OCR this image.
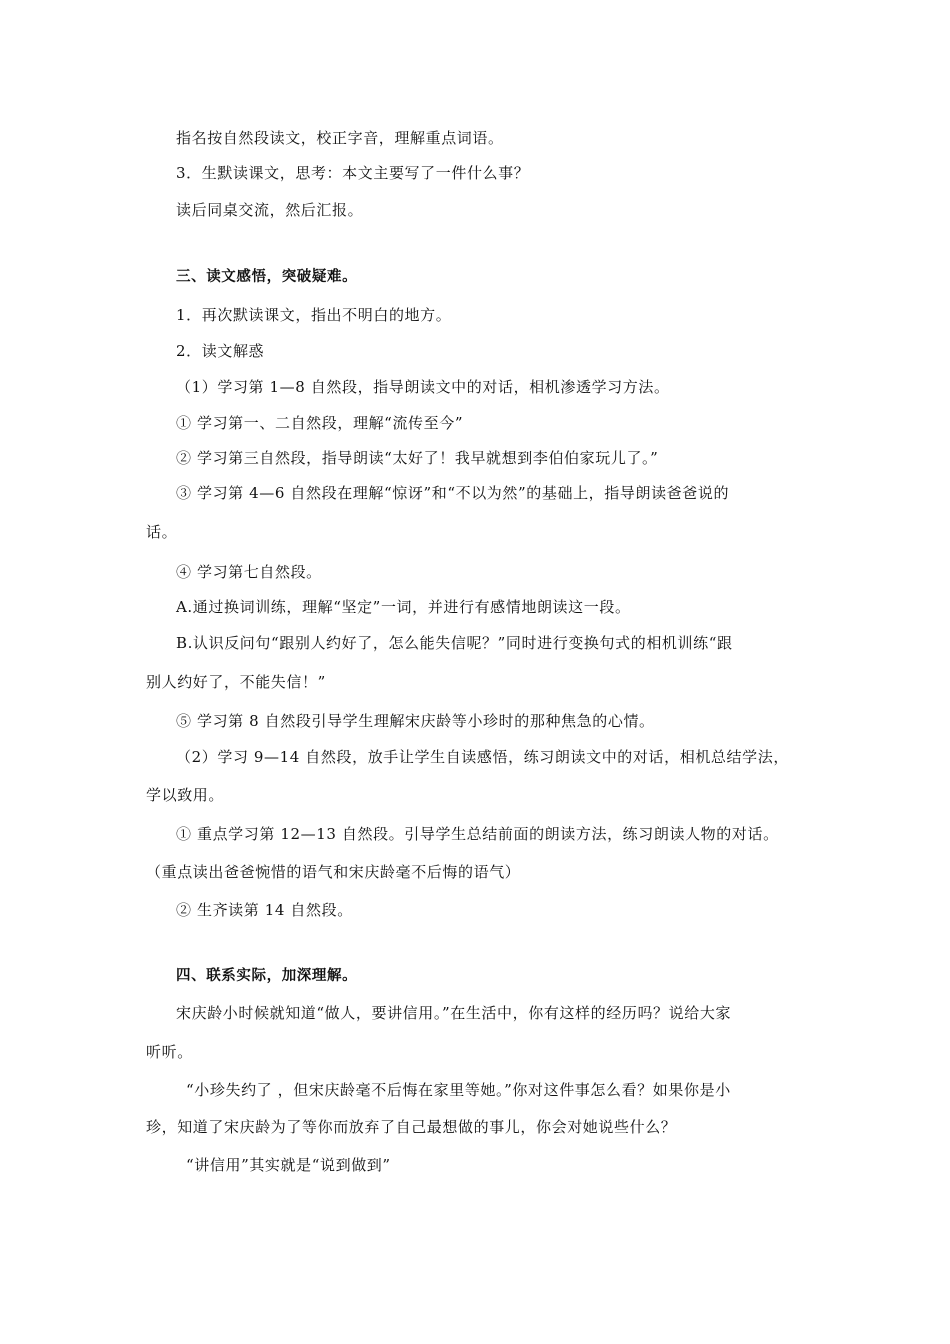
指名按自然段读文，校正字音，理解重点词语。
3．生默读课文，思考：本文主要写了一件什么事？
读后同桌交流，然后汇报。
三、读文感悟，突破疑难。
1．再次默读课文，指出不明白的地方。
2．读文解惑
（1）学习第 1—8 自然段，指导朗读文中的对话，相机渗透学习方法。
① 学习第一、二自然段，理解“流传至今”
② 学习第三自然段，指导朗读“太好了！我早就想到李伯伯家玩儿了。”
③ 学习第 4—6 自然段在理解“惊讶”和“不以为然”的基础上，指导朗读爸爸说的
话。
④ 学习第七自然段。
A.通过换词训练，理解“坚定”一词，并进行有感情地朗读这一段。
B.认识反问句“跟别人约好了，怎么能失信呢？”同时进行变换句式的相机训练“跟
别人约好了，不能失信！”
⑤ 学习第 8 自然段引导学生理解宋庆龄等小珍时的那种焦急的心情。
（2）学习 9—14 自然段，放手让学生自读感悟，练习朗读文中的对话，相机总结学法，
学以致用。
① 重点学习第 12—13 自然段。引导学生总结前面的朗读方法，练习朗读人物的对话。
（重点读出爸爸惋惜的语气和宋庆龄毫不后悔的语气）
② 生齐读第 14 自然段。
四、联系实际，加深理解。
宋庆龄小时候就知道“做人，要讲信用。”在生活中，你有这样的经历吗？说给大家
听听。
“小珍失约了 ，但宋庆龄毫不后悔在家里等她。”你对这件事怎么看？如果你是小
珍，知道了宋庆龄为了等你而放弃了自己最想做的事儿，你会对她说些什么？
“讲信用”其实就是“说到做到”
